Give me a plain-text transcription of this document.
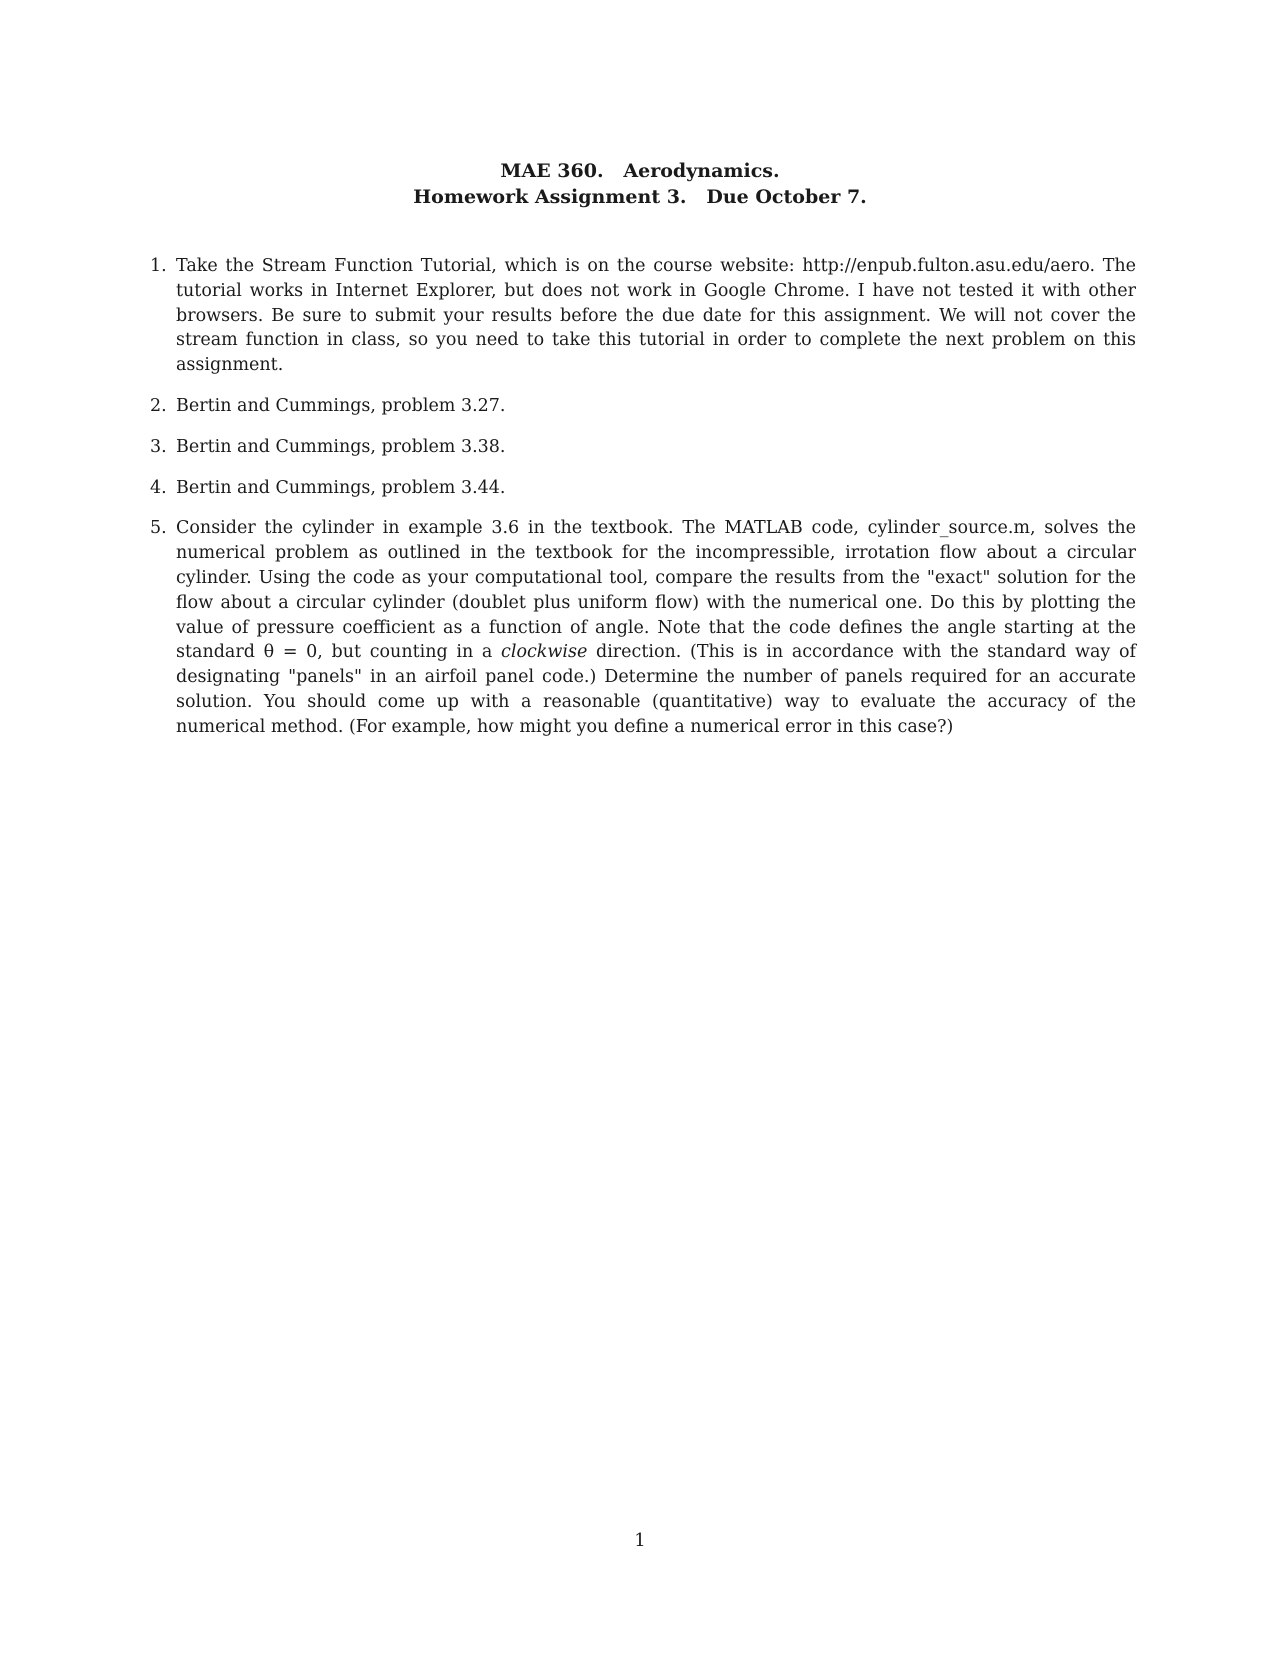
MAE 360.   Aerodynamics.
Homework Assignment 3.   Due October 7.
1. Take the Stream Function Tutorial, which is on the course website: http://enpub.fulton.asu.edu/aero. The tutorial works in Internet Explorer, but does not work in Google Chrome. I have not tested it with other browsers. Be sure to submit your results before the due date for this assignment. We will not cover the stream function in class, so you need to take this tutorial in order to complete the next problem on this assignment.
2. Bertin and Cummings, problem 3.27.
3. Bertin and Cummings, problem 3.38.
4. Bertin and Cummings, problem 3.44.
5. Consider the cylinder in example 3.6 in the textbook. The MATLAB code, cylinder_source.m, solves the numerical problem as outlined in the textbook for the incompressible, irrotation flow about a circular cylinder. Using the code as your computational tool, compare the results from the "exact" solution for the flow about a circular cylinder (doublet plus uniform flow) with the numerical one. Do this by plotting the value of pressure coefficient as a function of angle. Note that the code defines the angle starting at the standard θ = 0, but counting in a clockwise direction. (This is in accordance with the standard way of designating "panels" in an airfoil panel code.) Determine the number of panels required for an accurate solution. You should come up with a reasonable (quantitative) way to evaluate the accuracy of the numerical method. (For example, how might you define a numerical error in this case?)
1
